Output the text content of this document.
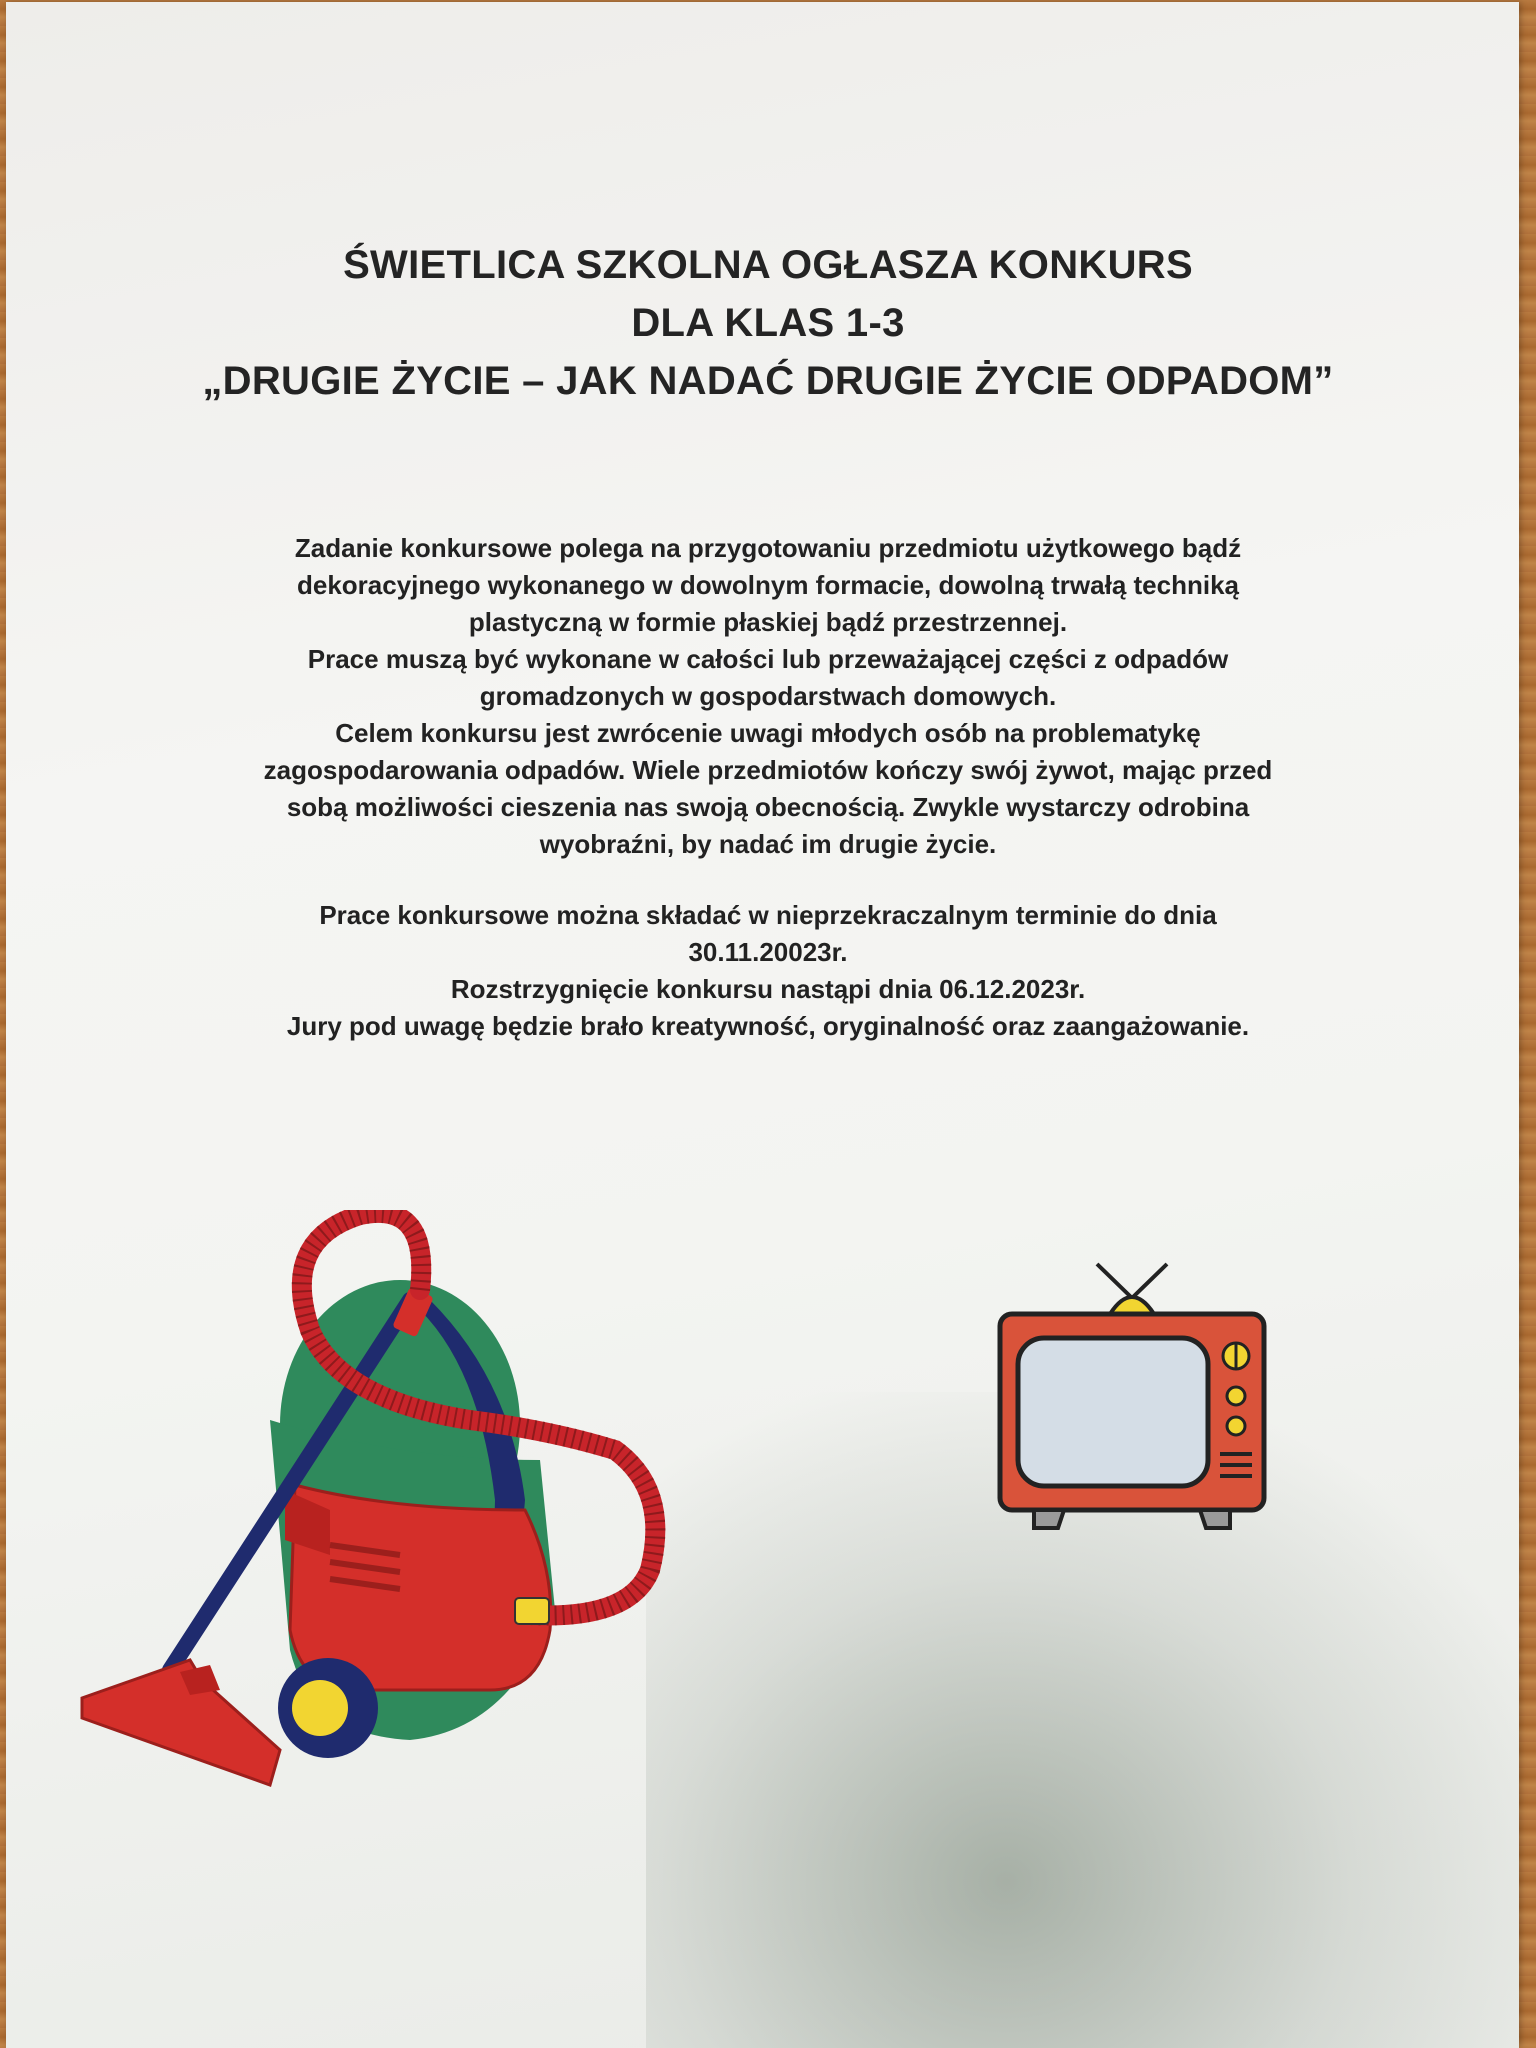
ŚWIETLICA SZKOLNA OGŁASZA KONKURS
DLA KLAS 1-3
„DRUGIE ŻYCIE – JAK NADAĆ DRUGIE ŻYCIE ODPADOM”
Zadanie konkursowe polega na przygotowaniu przedmiotu użytkowego bądź
dekoracyjnego wykonanego w dowolnym formacie, dowolną trwałą techniką
plastyczną w formie płaskiej bądź przestrzennej.
Prace muszą być wykonane w całości lub przeważającej części z odpadów
gromadzonych w gospodarstwach domowych.
Celem konkursu jest zwrócenie uwagi młodych osób na problematykę
zagospodarowania odpadów. Wiele przedmiotów kończy swój żywot, mając przed
sobą możliwości cieszenia nas swoją obecnością. Zwykle wystarczy odrobina
wyobraźni, by nadać im drugie życie.
Prace konkursowe można składać w nieprzekraczalnym terminie do dnia
30.11.20023r.
Rozstrzygnięcie konkursu nastąpi dnia 06.12.2023r.
Jury pod uwagę będzie brało kreatywność, oryginalność oraz zaangażowanie.
